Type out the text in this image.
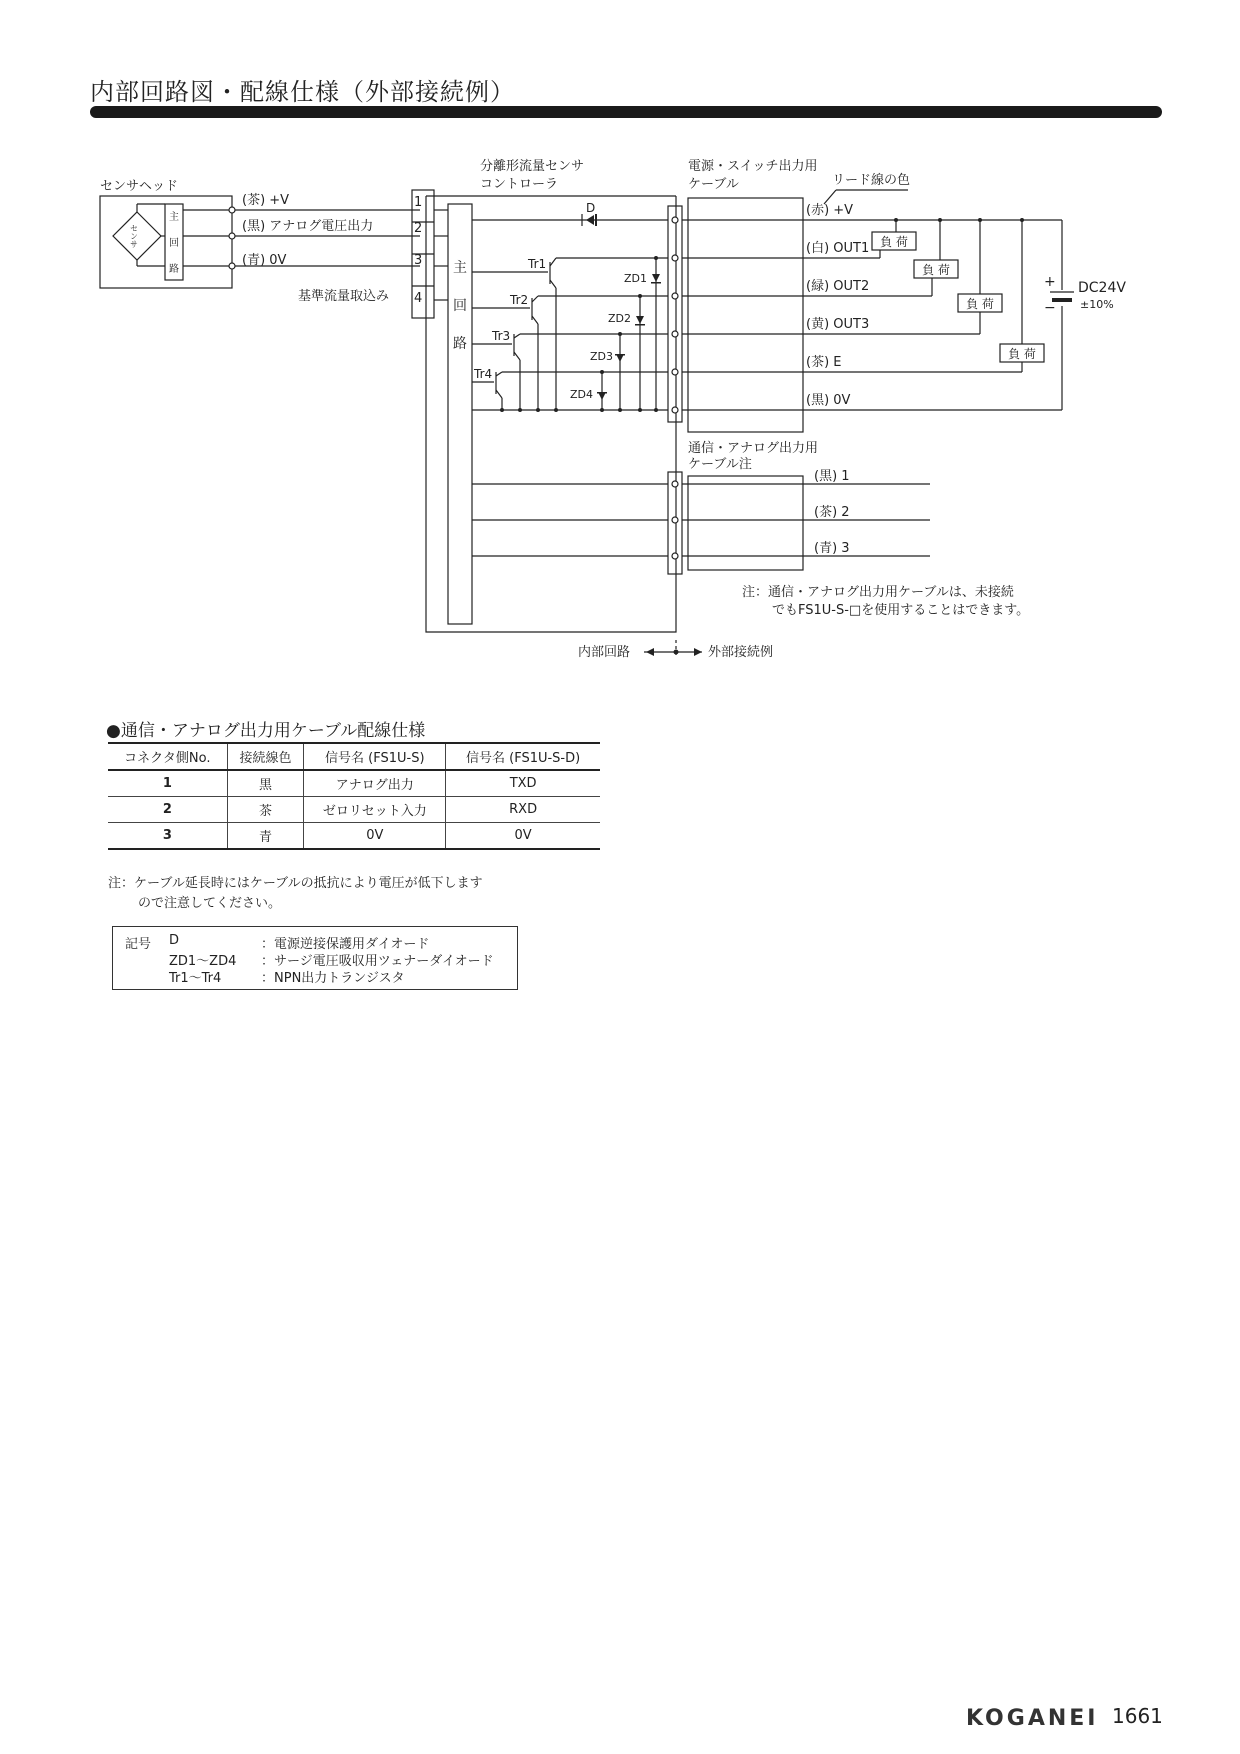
内部回路図・配線仕様（外部接続例）
センサヘッド
センサ
主
回
路
(茶) +V
(黒) アナログ電圧出力
(青) 0V
1
2
3
4
基準流量取込み
主
回
路
分離形流量センサ
コントローラ
電源・スイッチ出力用
ケーブル	リード線の色
D
Tr1
Tr2
Tr3
Tr4
ZD1
ZD2
ZD3
ZD4
(赤) +V
(白) OUT1
(緑) OUT2
(黄) OUT3
(茶) E
(黒) 0V
負 荷
負 荷
負 荷
負 荷
+
−
DC24V
±10%
通信・アナログ出力用
ケーブル注
(黒) 1
(茶) 2
(青) 3
注：通信・アナログ出力用ケーブルは、未接続
でもFS1U-S-□を使用することはできます。
内部回路	外部接続例
●通信・アナログ出力用ケーブル配線仕様
コネクタ側No.	接続線色	信号名 (FS1U-S)	信号名 (FS1U-S-D)
1	黒	アナログ出力	TXD
2	茶	ゼロリセット入力	RXD
3	青	0V	0V
注：ケーブル延長時にはケーブルの抵抗により電圧が低下します
ので注意してください。
記号 D	：電源逆接保護用ダイオード
ZD1〜ZD4 ：サージ電圧吸収用ツェナーダイオード
Tr1〜Tr4	：NPN出力トランジスタ
KOGANEI 1661
